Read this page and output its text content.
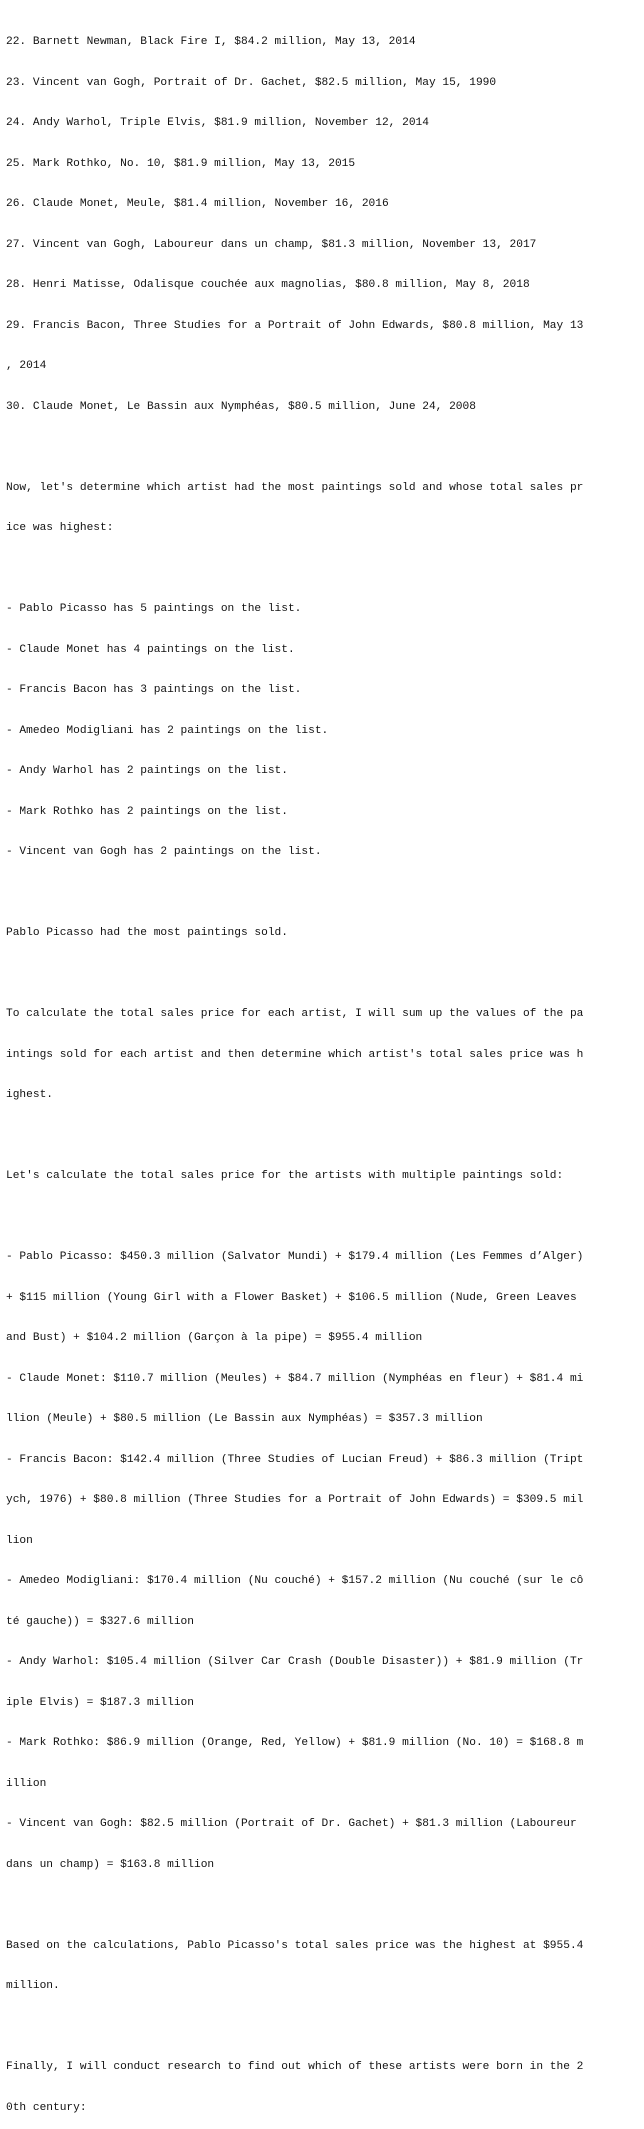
22. Barnett Newman, Black Fire I, $84.2 million, May 13, 2014

23. Vincent van Gogh, Portrait of Dr. Gachet, $82.5 million, May 15, 1990

24. Andy Warhol, Triple Elvis, $81.9 million, November 12, 2014

25. Mark Rothko, No. 10, $81.9 million, May 13, 2015

26. Claude Monet, Meule, $81.4 million, November 16, 2016

27. Vincent van Gogh, Laboureur dans un champ, $81.3 million, November 13, 2017

28. Henri Matisse, Odalisque couchée aux magnolias, $80.8 million, May 8, 2018

29. Francis Bacon, Three Studies for a Portrait of John Edwards, $80.8 million, May 13

, 2014

30. Claude Monet, Le Bassin aux Nymphéas, $80.5 million, June 24, 2008

Now, let's determine which artist had the most paintings sold and whose total sales pr

ice was highest:

- Pablo Picasso has 5 paintings on the list.

- Claude Monet has 4 paintings on the list.

- Francis Bacon has 3 paintings on the list.

- Amedeo Modigliani has 2 paintings on the list.

- Andy Warhol has 2 paintings on the list.

- Mark Rothko has 2 paintings on the list.

- Vincent van Gogh has 2 paintings on the list.

Pablo Picasso had the most paintings sold.

To calculate the total sales price for each artist, I will sum up the values of the pa

intings sold for each artist and then determine which artist's total sales price was h

ighest.

Let's calculate the total sales price for the artists with multiple paintings sold:

- Pablo Picasso: $450.3 million (Salvator Mundi) + $179.4 million (Les Femmes d’Alger)

+ $115 million (Young Girl with a Flower Basket) + $106.5 million (Nude, Green Leaves

and Bust) + $104.2 million (Garçon à la pipe) = $955.4 million

- Claude Monet: $110.7 million (Meules) + $84.7 million (Nymphéas en fleur) + $81.4 mi

llion (Meule) + $80.5 million (Le Bassin aux Nymphéas) = $357.3 million

- Francis Bacon: $142.4 million (Three Studies of Lucian Freud) + $86.3 million (Tript

ych, 1976) + $80.8 million (Three Studies for a Portrait of John Edwards) = $309.5 mil

lion

- Amedeo Modigliani: $170.4 million (Nu couché) + $157.2 million (Nu couché (sur le cô

té gauche)) = $327.6 million

- Andy Warhol: $105.4 million (Silver Car Crash (Double Disaster)) + $81.9 million (Tr

iple Elvis) = $187.3 million

- Mark Rothko: $86.9 million (Orange, Red, Yellow) + $81.9 million (No. 10) = $168.8 m

illion

- Vincent van Gogh: $82.5 million (Portrait of Dr. Gachet) + $81.3 million (Laboureur

dans un champ) = $163.8 million

Based on the calculations, Pablo Picasso's total sales price was the highest at $955.4

million.

Finally, I will conduct research to find out which of these artists were born in the 2

0th century:
